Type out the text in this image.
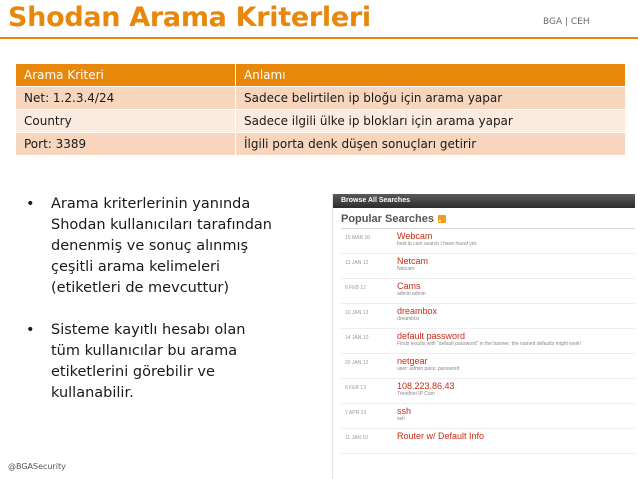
Shodan Arama Kriterleri	BGA | CEH
Arama Kriteri	Anlamı
Net: 1.2.3.4/24	Sadece belirtilen ip bloğu için arama yapar
Country	Sadece ilgili ülke ip blokları için arama yapar
Port: 3389	İlgili porta denk düşen sonuçları getirir
• Arama kriterlerinin yanında Shodan kullanıcıları tarafından denenmiş ve sonuç alınmış çeşitli arama kelimeleri (etiketleri de mevcuttur)
• Sisteme kayıtlı hesabı olan tüm kullanıcılar bu arama etiketlerini görebilir ve kullanabilir.
Browse All Searches
Popular Searches
15 MAR 10	Webcam
best ip cam search I have found yet.
13 JAN 12	Netcam
Netcam
6 FEB 12	Cams
admin admin
10 JAN 13	dreambox
dreambox
14 JAN 10	default password
Finds results with "default password" in the banner; the named defaults might work!
20 JAN 12	netgear
user: admin pass: password
6 FEB 13	108.223.86.43
Trendnet IP Cam
7 APR 13	ssh
ssh
11 JAN 10	Router w/ Default Info
@BGASecurity
